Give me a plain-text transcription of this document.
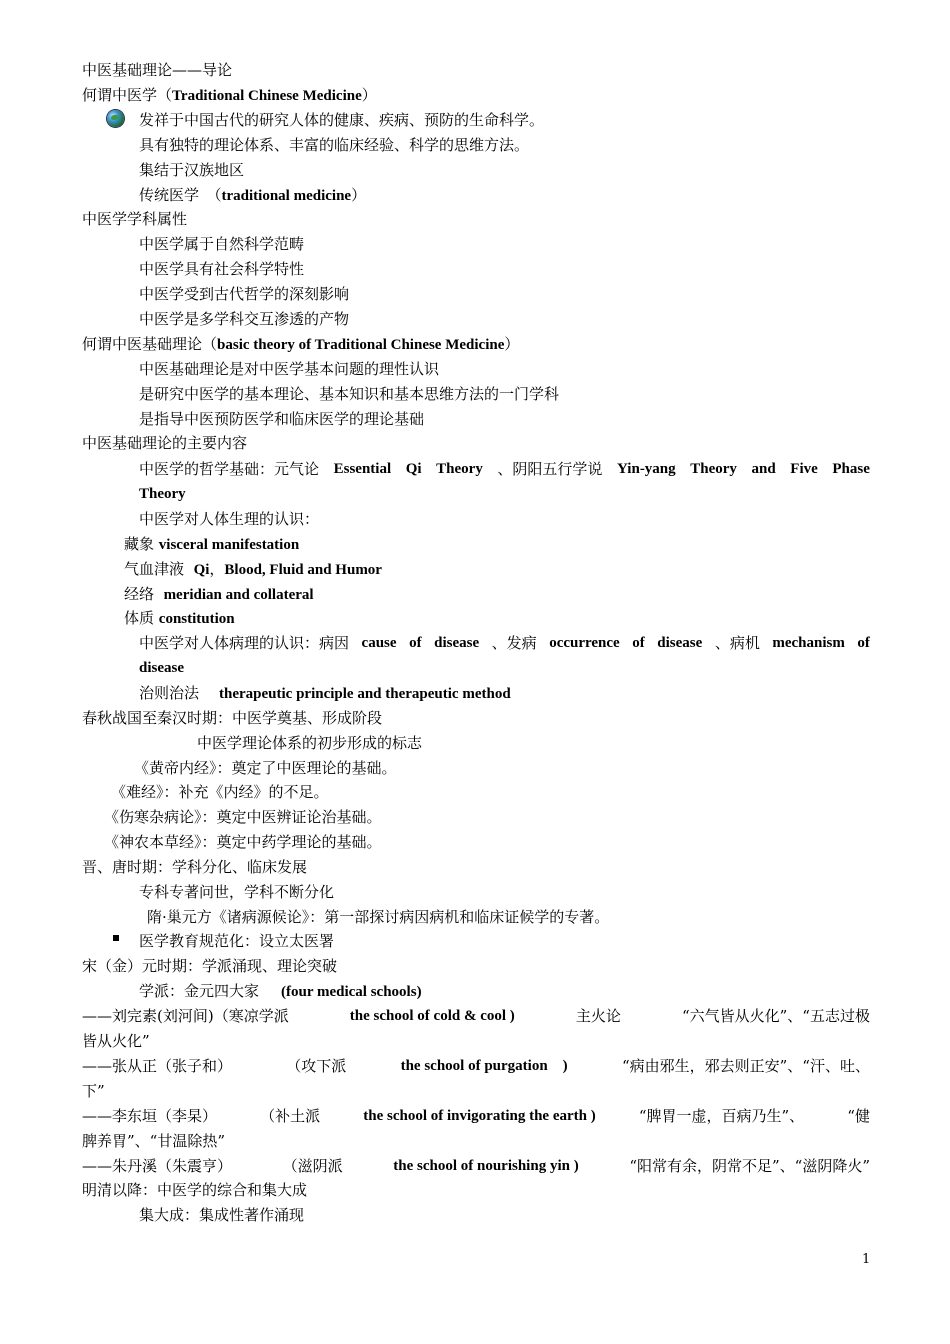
中医基础理论——导论
何谓中医学（Traditional Chinese Medicine）
发祥于中国古代的研究人体的健康、疾病、预防的生命科学。
具有独特的理论体系、丰富的临床经验、科学的思维方法。
集结于汉族地区
传统医学　（traditional medicine）
中医学学科属性
中医学属于自然科学范畴
中医学具有社会科学特性
中医学受到古代哲学的深刻影响
中医学是多学科交互渗透的产物
何谓中医基础理论（basic theory of Traditional Chinese Medicine）
中医基础理论是对中医学基本问题的理性认识
是研究中医学的基本理论、基本知识和基本思维方法的一门学科
是指导中医预防医学和临床医学的理论基础
中医基础理论的主要内容
中医学的哲学基础：元气论 Essential Qi Theory 、阴阳五行学说 Yin-yang Theory and Five Phase
Theory
中医学对人体生理的认识：
藏象 visceral manifestation
气血津液 Qi，Blood, Fluid and Humor
经络 meridian and collateral
体质 constitution
中医学对人体病理的认识：病因 cause of disease 、发病 occurrence of disease 、病机 mechanism of
disease
治则治法 therapeutic principle and therapeutic method
春秋战国至秦汉时期：中医学奠基、形成阶段
中医学理论体系的初步形成的标志
《黄帝内经》：奠定了中医理论的基础。
《难经》：补充《内经》的不足。
《伤寒杂病论》：奠定中医辨证论治基础。
《神农本草经》：奠定中药学理论的基础。
晋、唐时期：学科分化、临床发展
专科专著问世，学科不断分化
隋·巢元方《诸病源候论》：第一部探讨病因病机和临床证候学的专著。
医学教育规范化：设立太医署
宋（金）元时期：学派涌现、理论突破
学派：金元四大家 (four medical schools)
——刘完素(刘河间)（寒凉学派	the school of cold & cool )	主火论	“六气皆从火化”、“五志过极
皆从火化”
——张从正（张子和）	（攻下派	the school of purgation　)	“病由邪生，邪去则正安”、“汗、吐、
下”
——李东垣（李杲）	（补土派	the school of invigorating the earth )	“脾胃一虚，百病乃生”、	“健
脾养胃”、“甘温除热”
——朱丹溪（朱震亨）	（滋阴派	the school of nourishing yin )	“阳常有余，阴常不足”、“滋阴降火”
明清以降：中医学的综合和集大成
集大成：集成性著作涌现
1
